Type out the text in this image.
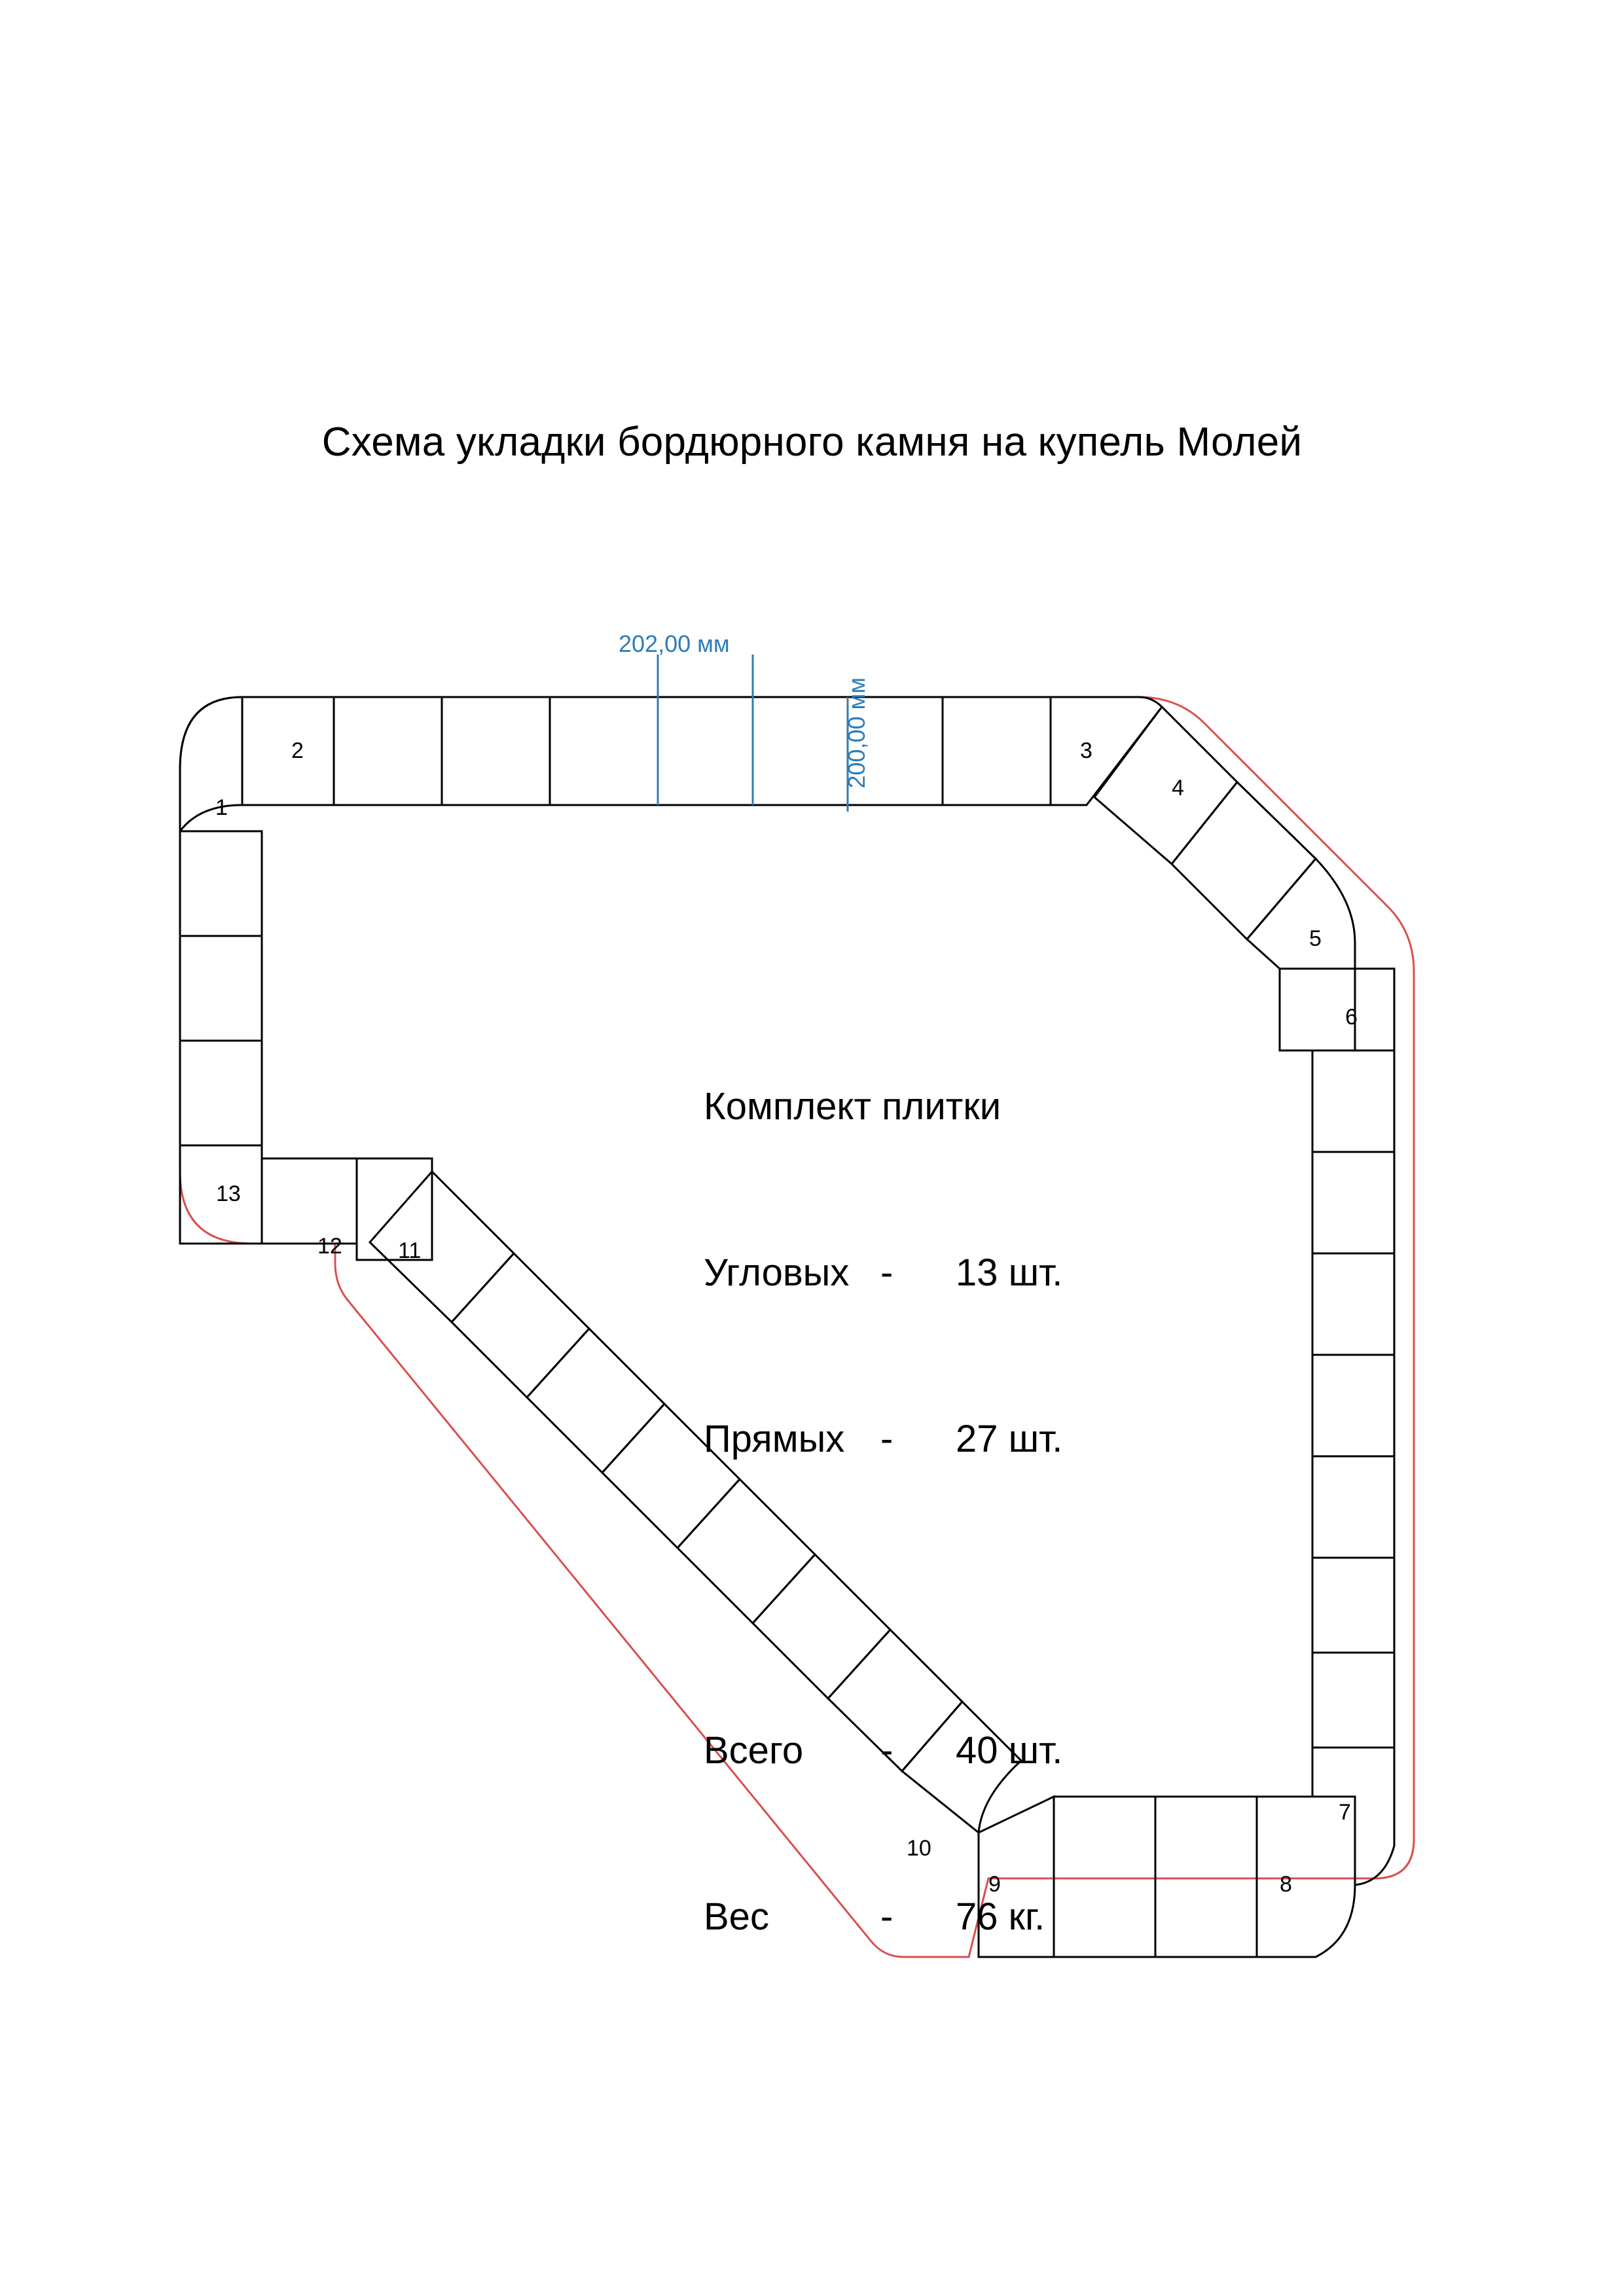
Схема укладки бордюрного камня на купель Молей
202,00 мм
200,00 мм
1
2	3
4
5
6
7
8
9
10
11
12
13

Комплект плитки

Угловых - 13 шт.

Прямых - 27 шт.

Всего - 40 шт.

Вес	- 76 кг.
